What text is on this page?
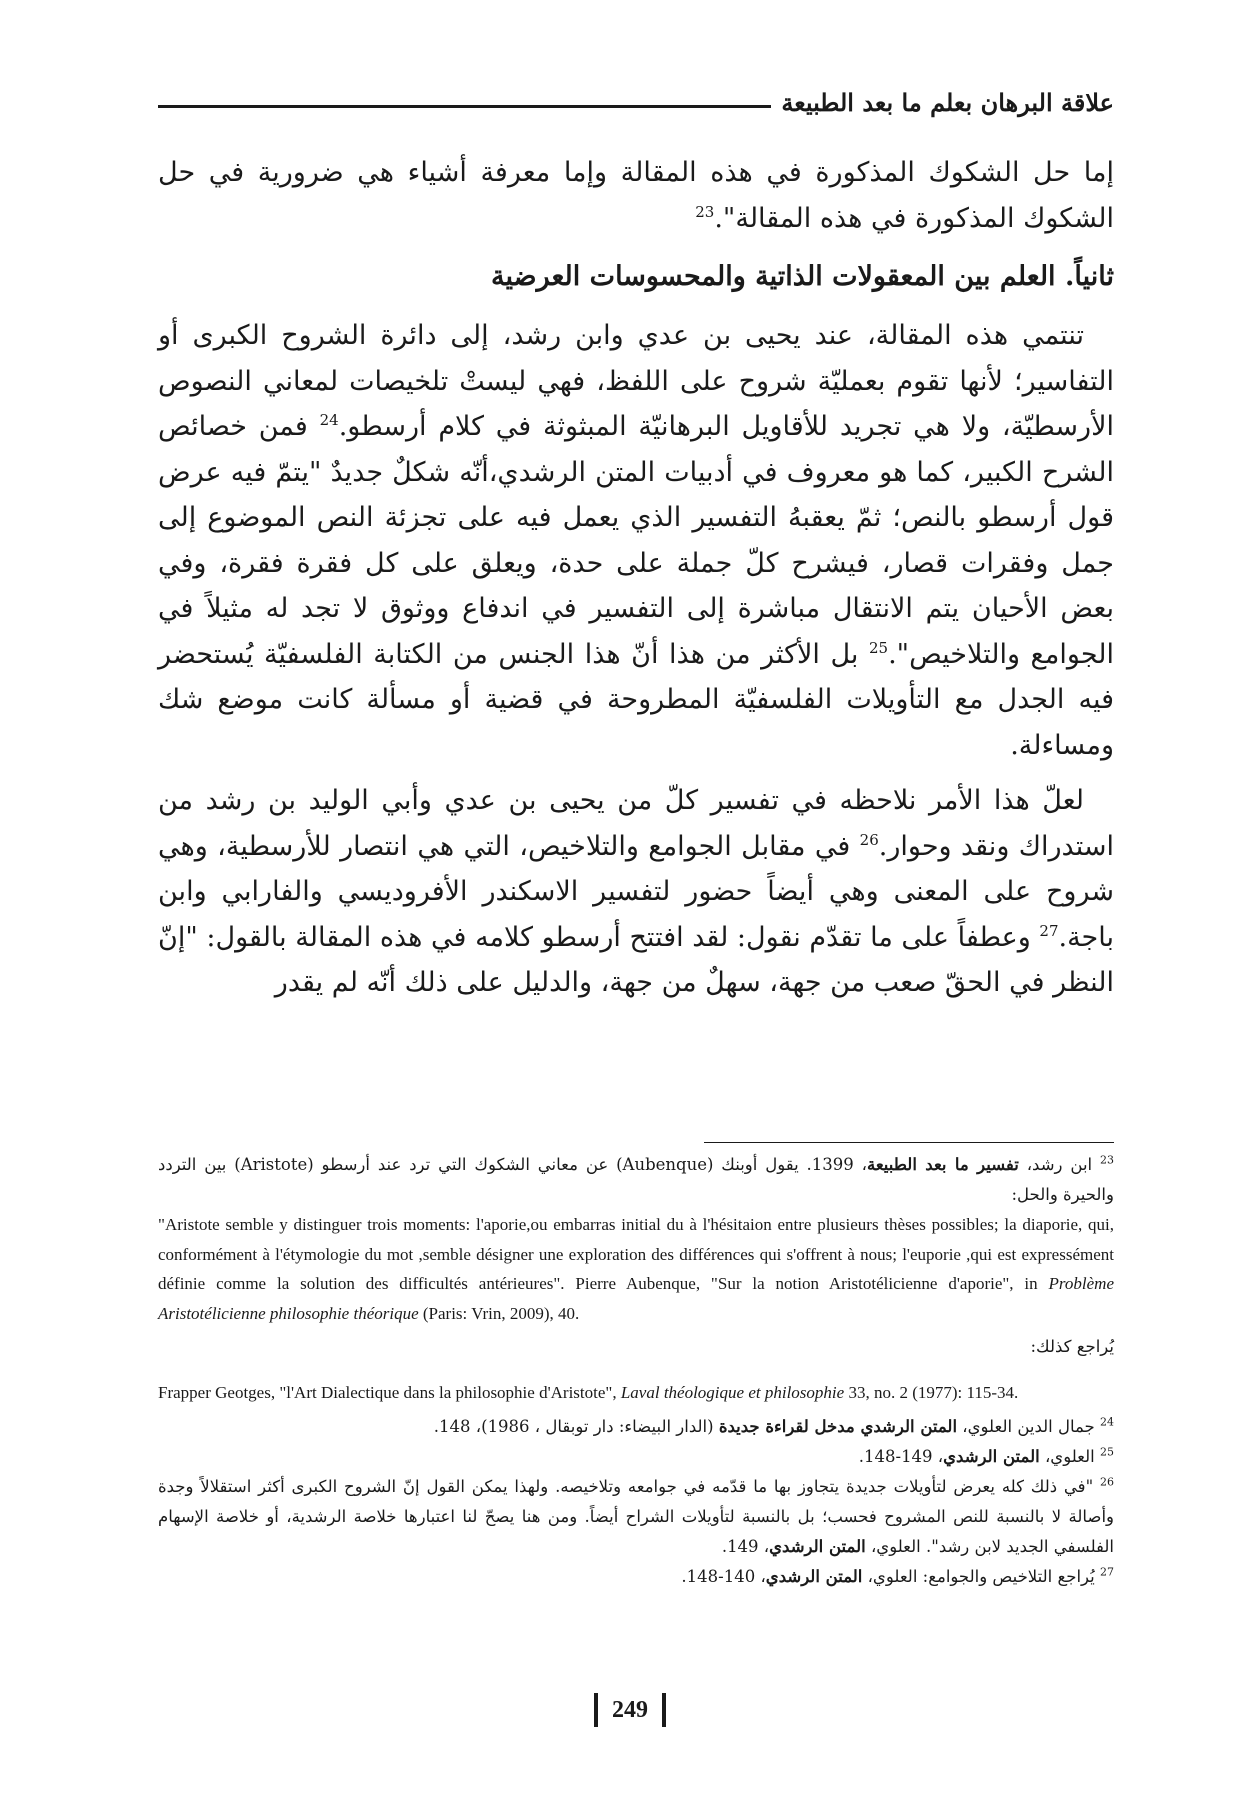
علاقة البرهان بعلم ما بعد الطبيعة

إما حل الشكوك المذكورة في هذه المقالة وإما معرفة أشياء هي ضرورية في حل الشكوك المذكورة في هذه المقالة".$^{23}$

ثانياً. العلم بين المعقولات الذاتية والمحسوسات العرضية

تنتمي هذه المقالة، عند يحيى بن عدي وابن رشد، إلى دائرة الشروح الكبرى أو التفاسير؛ لأنها تقوم بعمليّة شروح على اللفظ، فهي ليستْ تلخيصات لمعاني النصوص الأرسطيّة، ولا هي تجريد للأقاويل البرهانيّة المبثوثة في كلام أرسطو.$^{24}$ فمن خصائص الشرح الكبير، كما هو معروف في أدبيات المتن الرشدي،أنّه شكلٌ جديدٌ "يتمّ فيه عرض قول أرسطو بالنص؛ ثمّ يعقبهُ التفسير الذي يعمل فيه على تجزئة النص الموضوع إلى جمل وفقرات قصار، فيشرح كلّ جملة على حدة، ويعلق على كل فقرة فقرة، وفي بعض الأحيان يتم الانتقال مباشرة إلى التفسير في اندفاع ووثوق لا تجد له مثيلاً في الجوامع والتلاخيص".$^{25}$ بل الأكثر من هذا أنّ هذا الجنس من الكتابة الفلسفيّة يُستحضر فيه الجدل مع التأويلات الفلسفيّة المطروحة في قضية أو مسألة كانت موضع شك ومساءلة.

لعلّ هذا الأمر نلاحظه في تفسير كلّ من يحيى بن عدي وأبي الوليد بن رشد من استدراك ونقد وحوار.$^{26}$ في مقابل الجوامع والتلاخيص، التي هي انتصار للأرسطية، وهي شروح على المعنى وهي أيضاً حضور لتفسير الاسكندر الأفروديسي والفارابي وابن باجة.$^{27}$ وعطفاً على ما تقدّم نقول: لقد افتتح أرسطو كلامه في هذه المقالة بالقول: "إنّ النظر في الحقّ صعب من جهة، سهلٌ من جهة، والدليل على ذلك أنّه لم يقدر

$^{23}$ ابن رشد، تفسير ما بعد الطبيعة، 1399. يقول أوبنك (Aubenque) عن معاني الشكوك التي ترد عند أرسطو (Aristote) بين التردد والحيرة والحل:

"Aristote semble y distinguer trois moments: l'aporie,ou embarras initial du à l'hésitaion entre plusieurs thèses possibles; la diaporie, qui, conformément à l'étymologie du mot ,semble désigner une exploration des différences qui s'offrent à nous; l'euporie ,qui est expressément définie comme la solution des difficultés antérieures". Pierre Aubenque, "Sur la notion Aristotélicienne d'aporie", in Problème Aristotélicienne philosophie théorique (Paris: Vrin, 2009), 40.

يُراجع كذلك:

Frapper Geotges, "l'Art Dialectique dans la philosophie d'Aristote", Laval théologique et philosophie 33, no. 2 (1977): 115-34.

$^{24}$ جمال الدين العلوي، المتن الرشدي مدخل لقراءة جديدة (الدار البيضاء: دار توبقال ، 1986)، 148.

$^{25}$ العلوي، المتن الرشدي، 149-148.

$^{26}$ "في ذلك كله يعرض لتأويلات جديدة يتجاوز بها ما قدّمه في جوامعه وتلاخيصه. ولهذا يمكن القول إنّ الشروح الكبرى أكثر استقلالاً وجدة وأصالة لا بالنسبة للنص المشروح فحسب؛ بل بالنسبة لتأويلات الشراح أيضاً. ومن هنا يصحّ لنا اعتبارها خلاصة الرشدية، أو خلاصة الإسهام الفلسفي الجديد لابن رشد". العلوي، المتن الرشدي، 149.

$^{27}$ يُراجع التلاخيص والجوامع: العلوي، المتن الرشدي، 140-148.

249
